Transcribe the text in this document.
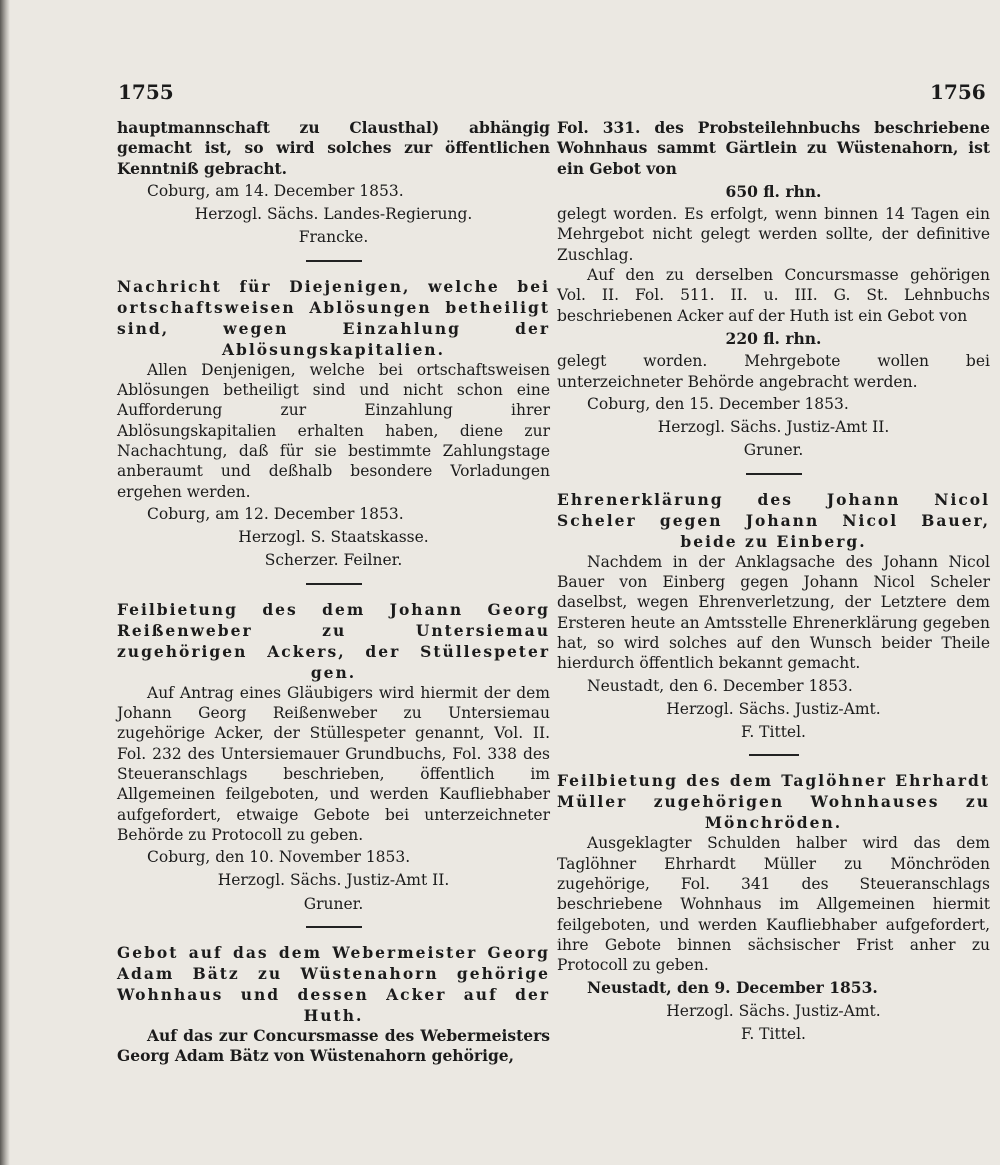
1755	1756

hauptmannschaft zu Clausthal) abhängig gemacht ist, so wird solches zur öffentlichen Kenntniß gebracht.

Coburg, am 14. December 1853.

Herzogl. Sächs. Landes-Regierung.

Francke.

Nachricht für Diejenigen, welche bei ortschaftsweisen Ablösungen betheiligt sind, wegen Einzahlung der Ablösungskapitalien.

Allen Denjenigen, welche bei ortschaftsweisen Ablösungen betheiligt sind und nicht schon eine Aufforderung zur Einzahlung ihrer Ablösungskapitalien erhalten haben, diene zur Nachachtung, daß für sie bestimmte Zahlungstage anberaumt und deßhalb besondere Vorladungen ergehen werden.

Coburg, am 12. December 1853.

Herzogl. S. Staatskasse.

Scherzer. Feilner.

Feilbietung des dem Johann Georg Reißenweber zu Untersiemau zugehörigen Ackers, der Stüllespeter gen.

Auf Antrag eines Gläubigers wird hiermit der dem Johann Georg Reißenweber zu Untersiemau zugehörige Acker, der Stüllespeter genannt, Vol. II. Fol. 232 des Untersiemauer Grundbuchs, Fol. 338 des Steueranschlags beschrieben, öffentlich im Allgemeinen feilgeboten, und werden Kaufliebhaber aufgefordert, etwaige Gebote bei unterzeichneter Behörde zu Protocoll zu geben.

Coburg, den 10. November 1853.

Herzogl. Sächs. Justiz-Amt II.

Gruner.

Gebot auf das dem Webermeister Georg Adam Bätz zu Wüstenahorn gehörige Wohnhaus und dessen Acker auf der Huth.

Auf das zur Concursmasse des Webermeisters Georg Adam Bätz von Wüstenahorn gehörige,

Fol. 331. des Probsteilehnbuchs beschriebene Wohnhaus sammt Gärtlein zu Wüstenahorn, ist ein Gebot von

650 fl. rhn.

gelegt worden. Es erfolgt, wenn binnen 14 Tagen ein Mehrgebot nicht gelegt werden sollte, der definitive Zuschlag.

Auf den zu derselben Concursmasse gehörigen Vol. II. Fol. 511. II. u. III. G. St. Lehnbuchs beschriebenen Acker auf der Huth ist ein Gebot von

220 fl. rhn.

gelegt worden. Mehrgebote wollen bei unterzeichneter Behörde angebracht werden.

Coburg, den 15. December 1853.

Herzogl. Sächs. Justiz-Amt II.

Gruner.

Ehrenerklärung des Johann Nicol Scheler gegen Johann Nicol Bauer, beide zu Einberg.

Nachdem in der Anklagsache des Johann Nicol Bauer von Einberg gegen Johann Nicol Scheler daselbst, wegen Ehrenverletzung, der Letztere dem Ersteren heute an Amtsstelle Ehrenerklärung gegeben hat, so wird solches auf den Wunsch beider Theile hierdurch öffentlich bekannt gemacht.

Neustadt, den 6. December 1853.

Herzogl. Sächs. Justiz-Amt.

F. Tittel.

Feilbietung des dem Taglöhner Ehrhardt Müller zugehörigen Wohnhauses zu Mönchröden.

Ausgeklagter Schulden halber wird das dem Taglöhner Ehrhardt Müller zu Mönchröden zugehörige, Fol. 341 des Steueranschlags beschriebene Wohnhaus im Allgemeinen hiermit feilgeboten, und werden Kaufliebhaber aufgefordert, ihre Gebote binnen sächsischer Frist anher zu Protocoll zu geben.

Neustadt, den 9. December 1853.

Herzogl. Sächs. Justiz-Amt.

F. Tittel.
